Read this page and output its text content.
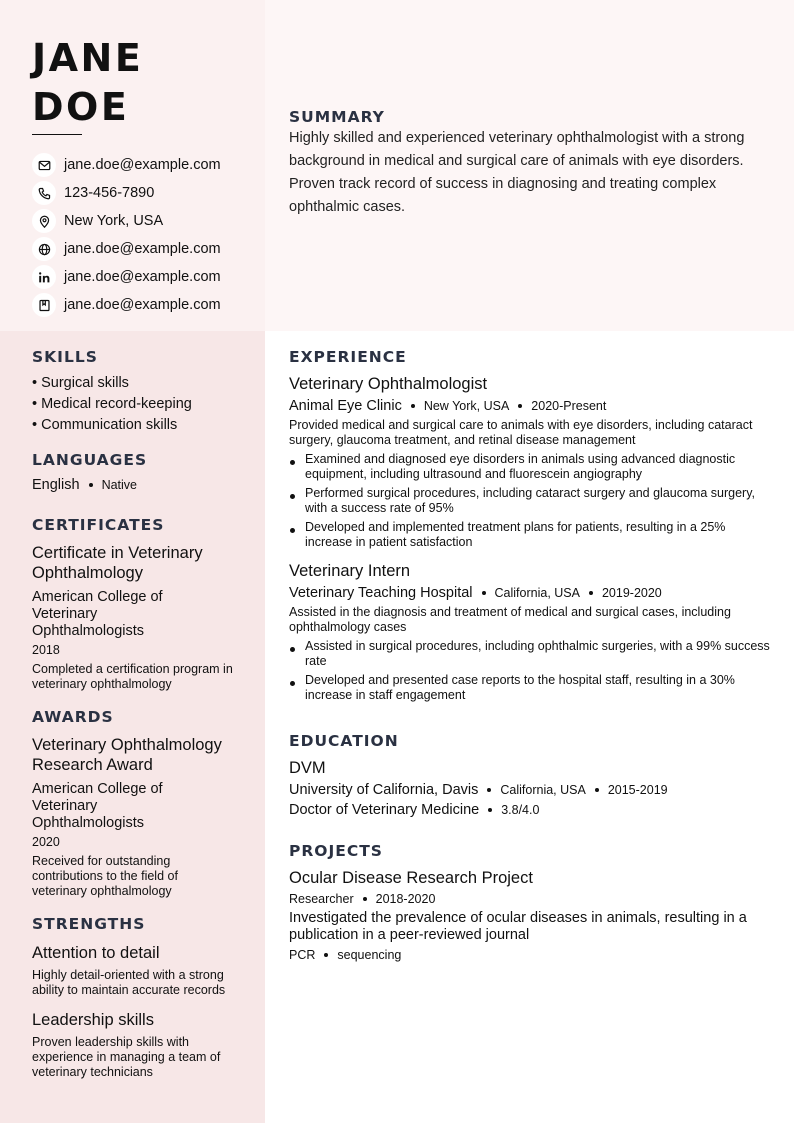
SUMMARY
Highly skilled and experienced veterinary ophthalmologist with a strong background in medical and surgical care of animals with eye disorders. Proven track record of success in diagnosing and treating complex ophthalmic cases.
JANE
DOE
jane.doe@example.com
123-456-7890
New York, USA
jane.doe@example.com
jane.doe@example.com
jane.doe@example.com
SKILLS
• Surgical skills
• Medical record-keeping
• Communication skills
LANGUAGES
English Native
CERTIFICATES
Certificate in Veterinary Ophthalmology
American College of Veterinary Ophthalmologists
2018
Completed a certification program in veterinary ophthalmology
AWARDS
Veterinary Ophthalmology Research Award
American College of Veterinary Ophthalmologists
2020
Received for outstanding contributions to the field of veterinary ophthalmology
STRENGTHS
Attention to detail
Highly detail-oriented with a strong ability to maintain accurate records
Leadership skills
Proven leadership skills with experience in managing a team of veterinary technicians
EXPERIENCE
Veterinary Ophthalmologist
Animal Eye Clinic New York, USA 2020-Present
Provided medical and surgical care to animals with eye disorders, including cataract surgery, glaucoma treatment, and retinal disease management
Examined and diagnosed eye disorders in animals using advanced diagnostic equipment, including ultrasound and fluorescein angiography
Performed surgical procedures, including cataract surgery and glaucoma surgery, with a success rate of 95%
Developed and implemented treatment plans for patients, resulting in a 25% increase in patient satisfaction
Veterinary Intern
Veterinary Teaching Hospital California, USA 2019-2020
Assisted in the diagnosis and treatment of medical and surgical cases, including ophthalmology cases
Assisted in surgical procedures, including ophthalmic surgeries, with a 99% success rate
Developed and presented case reports to the hospital staff, resulting in a 30% increase in staff engagement
EDUCATION
DVM
University of California, Davis California, USA 2015-2019
Doctor of Veterinary Medicine 3.8/4.0
PROJECTS
Ocular Disease Research Project
Researcher 2018-2020
Investigated the prevalence of ocular diseases in animals, resulting in a publication in a peer-reviewed journal
PCR sequencing
